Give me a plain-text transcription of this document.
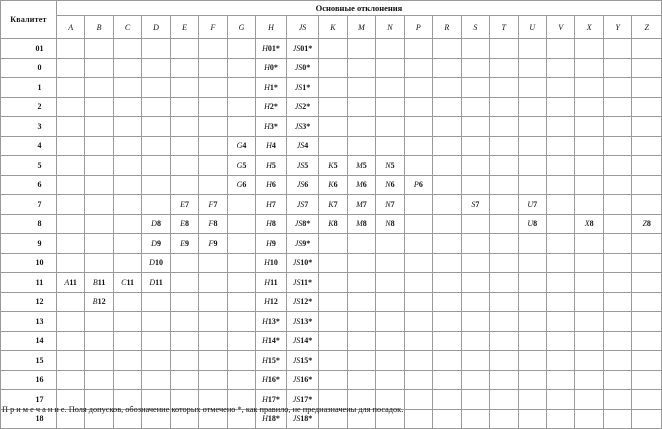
Квалитет	Основные отклонения																				
	A	B	C	D	E	F	G	H	JS	K	M	N	P	R	S	T	U	V	X	Y	Z
01								H01*	JS01*												
0								H0*	JS0*												
1								H1*	JS1*												
2								H2*	JS2*												
3								H3*	JS3*												
4							G4	H4	JS4												
5							G5	H5	JS5	K5	M5	N5									
6							G6	H6	JS6	K6	M6	N6	P6								
7					E7	F7		H7	JS7	K7	M7	N7			S7		U7				
8				D8	E8	F8		H8	JS8*	K8	M8	N8					U8		X8		Z8
9				D9	E9	F9		H9	JS9*												
10				D10				H10	JS10*												
11	A11	B11	C11	D11				H11	JS11*												
12		B12						H12	JS12*												
13								H13*	JS13*												
14								H14*	JS14*												
15								H15*	JS15*												
16								H16*	JS16*												
17								H17*	JS17*												
18								H18*	JS18*												
П р и м е ч а н и е. Поля допусков, обозначение которых отмечено *, как правило, не предназначены для посадок.
